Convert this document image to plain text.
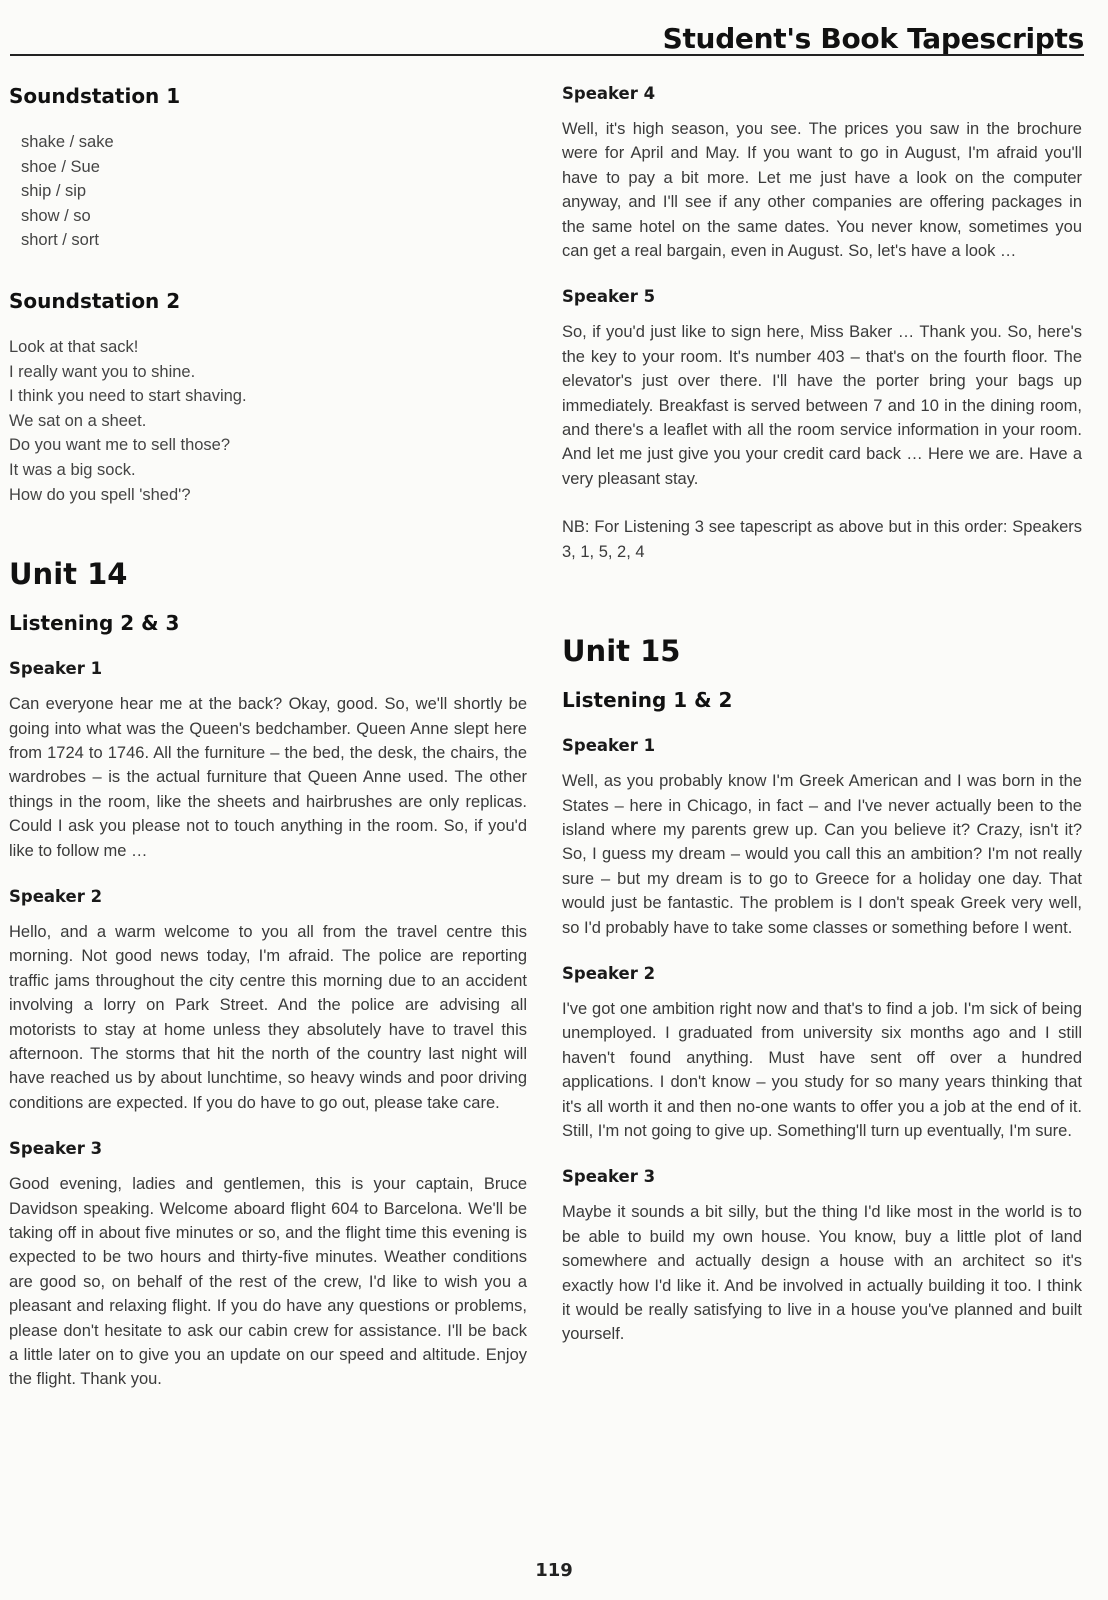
Student's Book Tapescripts
Soundstation 1
shake / sake
shoe / Sue
ship / sip
show / so
short / sort
Soundstation 2
Look at that sack!
I really want you to shine.
I think you need to start shaving.
We sat on a sheet.
Do you want me to sell those?
It was a big sock.
How do you spell 'shed'?
Unit 14
Listening 2 & 3
Speaker 1

Can everyone hear me at the back? Okay, good. So, we'll shortly be going into what was the Queen's bedchamber. Queen Anne slept here from 1724 to 1746. All the furniture – the bed, the desk, the chairs, the wardrobes – is the actual furniture that Queen Anne used. The other things in the room, like the sheets and hairbrushes are only replicas. Could I ask you please not to touch anything in the room. So, if you'd like to follow me …

Speaker 2

Hello, and a warm welcome to you all from the travel centre this morning. Not good news today, I'm afraid. The police are reporting traffic jams throughout the city centre this morning due to an accident involving a lorry on Park Street. And the police are advising all motorists to stay at home unless they absolutely have to travel this afternoon. The storms that hit the north of the country last night will have reached us by about lunchtime, so heavy winds and poor driving conditions are expected. If you do have to go out, please take care.

Speaker 3

Good evening, ladies and gentlemen, this is your captain, Bruce Davidson speaking. Welcome aboard flight 604 to Barcelona. We'll be taking off in about five minutes or so, and the flight time this evening is expected to be two hours and thirty-five minutes. Weather conditions are good so, on behalf of the rest of the crew, I'd like to wish you a pleasant and relaxing flight. If you do have any questions or problems, please don't hesitate to ask our cabin crew for assistance. I'll be back a little later on to give you an update on our speed and altitude. Enjoy the flight. Thank you.

Speaker 4

Well, it's high season, you see. The prices you saw in the brochure were for April and May. If you want to go in August, I'm afraid you'll have to pay a bit more. Let me just have a look on the computer anyway, and I'll see if any other companies are offering packages in the same hotel on the same dates. You never know, sometimes you can get a real bargain, even in August. So, let's have a look …

Speaker 5

So, if you'd just like to sign here, Miss Baker … Thank you. So, here's the key to your room. It's number 403 – that's on the fourth floor. The elevator's just over there. I'll have the porter bring your bags up immediately. Breakfast is served between 7 and 10 in the dining room, and there's a leaflet with all the room service information in your room. And let me just give you your credit card back … Here we are. Have a very pleasant stay.

NB: For Listening 3 see tapescript as above but in this order: Speakers 3, 1, 5, 2, 4

Unit 15
Listening 1 & 2
Speaker 1

Well, as you probably know I'm Greek American and I was born in the States – here in Chicago, in fact – and I've never actually been to the island where my parents grew up. Can you believe it? Crazy, isn't it? So, I guess my dream – would you call this an ambition? I'm not really sure – but my dream is to go to Greece for a holiday one day. That would just be fantastic. The problem is I don't speak Greek very well, so I'd probably have to take some classes or something before I went.

Speaker 2

I've got one ambition right now and that's to find a job. I'm sick of being unemployed. I graduated from university six months ago and I still haven't found anything. Must have sent off over a hundred applications. I don't know – you study for so many years thinking that it's all worth it and then no-one wants to offer you a job at the end of it. Still, I'm not going to give up. Something'll turn up eventually, I'm sure.

Speaker 3

Maybe it sounds a bit silly, but the thing I'd like most in the world is to be able to build my own house. You know, buy a little plot of land somewhere and actually design a house with an architect so it's exactly how I'd like it. And be involved in actually building it too. I think it would be really satisfying to live in a house you've planned and built yourself.

119
